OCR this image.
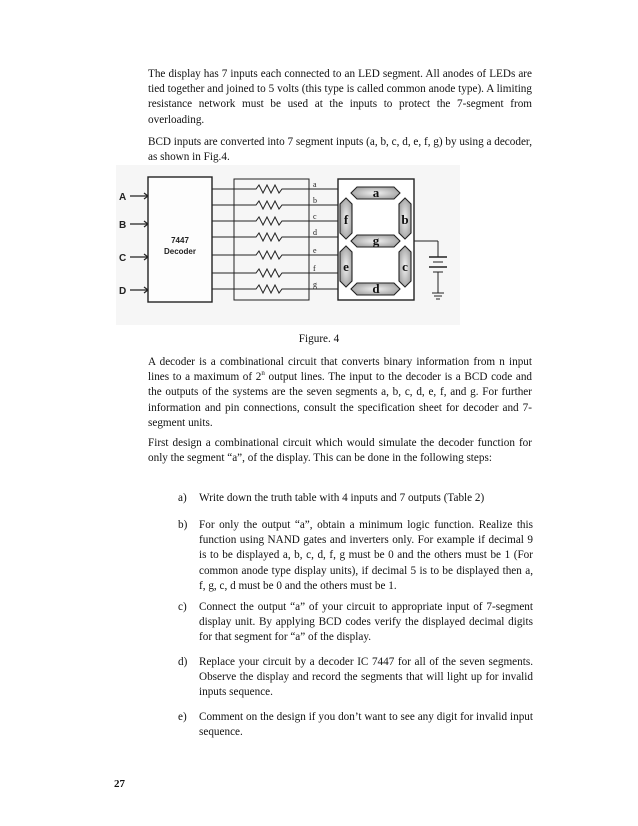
The display has 7 inputs each connected to an LED segment. All anodes of LEDs are tied together and joined to 5 volts (this type is called common anode type). A limiting resistance network must be used at the inputs to protect the 7-segment from overloading.

BCD inputs are converted into 7 segment inputs (a, b, c, d, e, f, g) by using a decoder, as shown in Fig.4.

A
B
C
D
7447
Decoder
a
b
c
d
e
f
g
a
b
c
d
e
f
g
Figure. 4

A decoder is a combinational circuit that converts binary information from n input lines to a maximum of 2$^n$ output lines. The input to the decoder is a BCD code and the outputs of the systems are the seven segments a, b, c, d, e, f, and g. For further information and pin connections, consult the specification sheet for decoder and 7-segment units.

First design a combinational circuit which would simulate the decoder function for only the segment “a”, of the display. This can be done in the following steps:

a) Write down the truth table with 4 inputs and 7 outputs (Table 2)
b) For only the output “a”, obtain a minimum logic function. Realize this function using NAND gates and inverters only. For example if decimal 9 is to be displayed a, b, c, d, f, g must be 0 and the others must be 1 (For common anode type display units), if decimal 5 is to be displayed then a, f, g, c, d must be 0 and the others must be 1.
c) Connect the output “a” of your circuit to appropriate input of 7-segment display unit. By applying BCD codes verify the displayed decimal digits for that segment for “a” of the display.
d) Replace your circuit by a decoder IC 7447 for all of the seven segments. Observe the display and record the segments that will light up for invalid inputs sequence.
e) Comment on the design if you don’t want to see any digit for invalid input sequence.
27
